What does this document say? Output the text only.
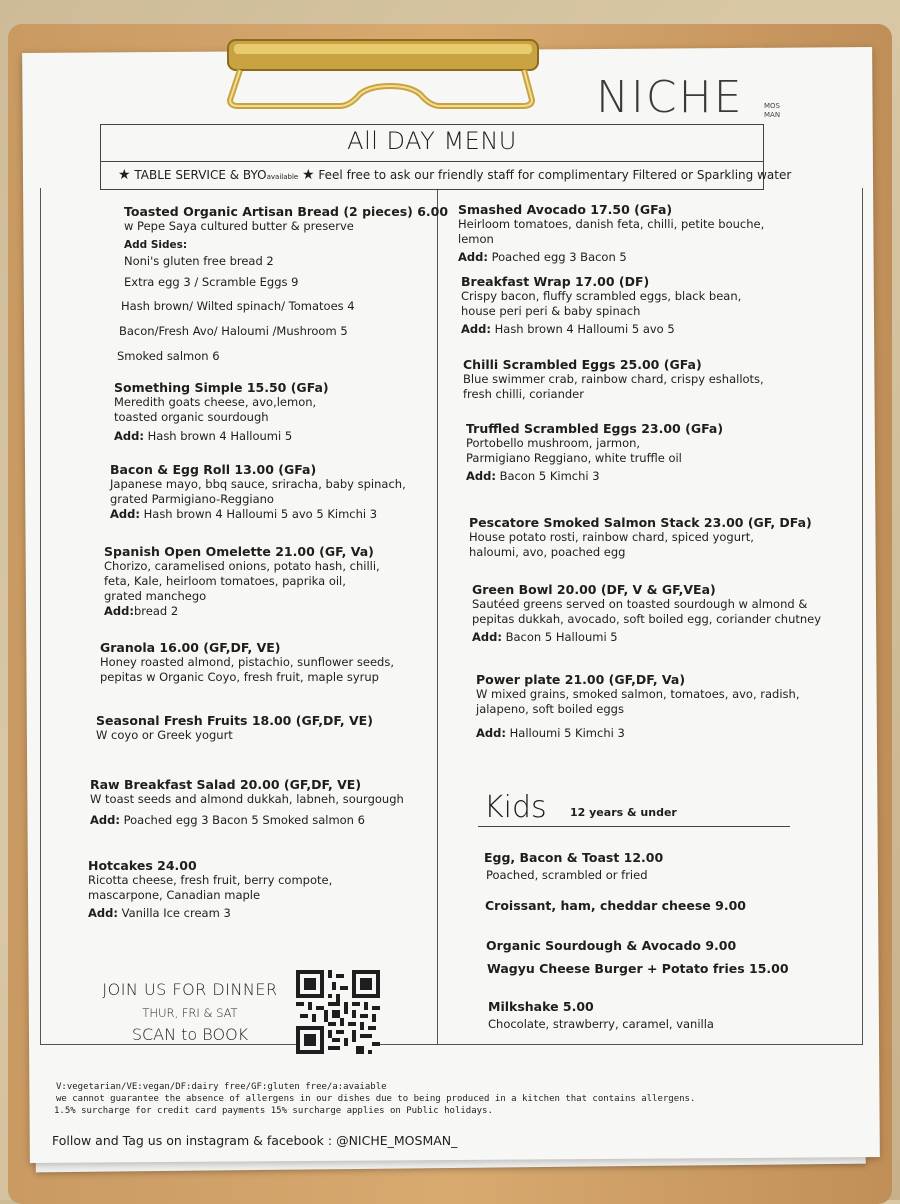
NICHE	MOS
MAN
All DAY MENU
★ TABLE SERVICE & BYOavailable ★ Feel free to ask our friendly staff for complimentary Filtered or Sparkling water
Toasted Organic Artisan Bread (2 pieces) 6.00
w Pepe Saya cultured butter & preserve
Add Sides:
Noni's gluten free bread 2
Extra egg 3 / Scramble Eggs 9
Hash brown/ Wilted spinach/ Tomatoes 4
Bacon/Fresh Avo/ Haloumi /Mushroom 5
Smoked salmon 6
Something Simple 15.50 (GFa)
Meredith goats cheese, avo,lemon,
toasted organic sourdough
Add: Hash brown 4 Halloumi 5
Bacon & Egg Roll 13.00 (GFa)
Japanese mayo, bbq sauce, sriracha, baby spinach,
grated Parmigiano-Reggiano
Add: Hash brown 4 Halloumi 5 avo 5 Kimchi 3
Spanish Open Omelette 21.00 (GF, Va)
Chorizo, caramelised onions, potato hash, chilli,
feta, Kale, heirloom tomatoes, paprika oil,
grated manchego
Add:bread 2
Granola 16.00 (GF,DF, VE)
Honey roasted almond, pistachio, sunflower seeds,
pepitas w Organic Coyo, fresh fruit, maple syrup
Seasonal Fresh Fruits 18.00 (GF,DF, VE)
W coyo or Greek yogurt
Raw Breakfast Salad 20.00 (GF,DF, VE)
W toast seeds and almond dukkah, labneh, sourgough
Add: Poached egg 3 Bacon 5 Smoked salmon 6
Hotcakes 24.00
Ricotta cheese, fresh fruit, berry compote,
mascarpone, Canadian maple
Add: Vanilla Ice cream 3
Smashed Avocado 17.50 (GFa)
Heirloom tomatoes, danish feta, chilli, petite bouche,
lemon
Add: Poached egg 3 Bacon 5
Breakfast Wrap 17.00 (DF)
Crispy bacon, fluffy scrambled eggs, black bean,
house peri peri & baby spinach
Add: Hash brown 4 Halloumi 5 avo 5
Chilli Scrambled Eggs 25.00 (GFa)
Blue swimmer crab, rainbow chard, crispy eshallots,
fresh chilli, coriander
Truffled Scrambled Eggs 23.00 (GFa)
Portobello mushroom, jarmon,
Parmigiano Reggiano, white truffle oil
Add: Bacon 5 Kimchi 3
Pescatore Smoked Salmon Stack 23.00 (GF, DFa)
House potato rosti, rainbow chard, spiced yogurt,
haloumi, avo, poached egg
Green Bowl 20.00 (DF, V & GF,VEa)
Sautéed greens served on toasted sourdough w almond &
pepitas dukkah, avocado, soft boiled egg, coriander chutney
Add: Bacon 5 Halloumi 5
Power plate 21.00 (GF,DF, Va)
W mixed grains, smoked salmon, tomatoes, avo, radish,
jalapeno, soft boiled eggs
Add: Halloumi 5 Kimchi 3
Kids 12 years & under
Egg, Bacon & Toast 12.00
Poached, scrambled or fried
Croissant, ham, cheddar cheese 9.00
Organic Sourdough & Avocado 9.00
Wagyu Cheese Burger + Potato fries 15.00
Milkshake 5.00
Chocolate, strawberry, caramel, vanilla
JOIN US FOR DINNER
THUR, FRI & SAT
SCAN to BOOK
V:vegetarian/VE:vegan/DF:dairy free/GF:gluten free/a:avaiable
we cannot guarantee the absence of allergens in our dishes due to being produced in a kitchen that contains allergens.
1.5% surcharge for credit card payments 15% surcharge applies on Public holidays.
Follow and Tag us on instagram & facebook : @NICHE_MOSMAN_
